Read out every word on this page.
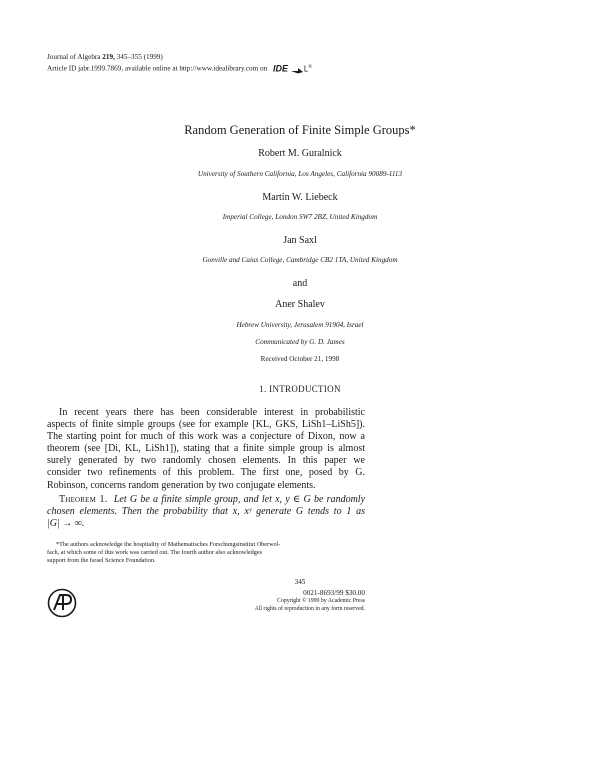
Journal of Algebra 219, 345–355 (1999)
Article ID jabr.1999.7869, available online at http://www.idealibrary.com on IDE L®
Random Generation of Finite Simple Groups*
Robert M. Guralnick
University of Southern California, Los Angeles, California 90089-1113
Martin W. Liebeck
Imperial College, London SW7 2BZ, United Kingdom
Jan Saxl
Gonville and Caius College, Cambridge CB2 1TA, United Kingdom
and
Aner Shalev
Hebrew University, Jerusalem 91904, Israel
Communicated by G. D. James
Received October 21, 1998
1. INTRODUCTION
In recent years there has been considerable interest in probabilistic
aspects of finite simple groups (see for example [KL, GKS, LiSh1–LiSh5]).
The starting point for much of this work was a conjecture of Dixon, now a
theorem (see [Di, KL, LiSh1]), stating that a finite simple group is almost
surely generated by two randomly chosen elements. In this paper we
consider two refinements of this problem. The first one, posed by G.
Robinson, concerns random generation by two conjugate elements.
Theorem 1. Let G be a finite simple group, and let x, y ∈ G be randomly
chosen elements. Then the probability that x, xʸ generate G tends to 1 as
|G| → ∞.
*The authors acknowledge the hospitality of Mathematisches Forschungsinstitut Oberwol-
fach, at which some of this work was carried out. The fourth author also acknowledges
support from the Israel Science Foundation.
345
0021-8693/99 $30.00
Copyright © 1999 by Academic Press
All rights of reproduction in any form reserved.
